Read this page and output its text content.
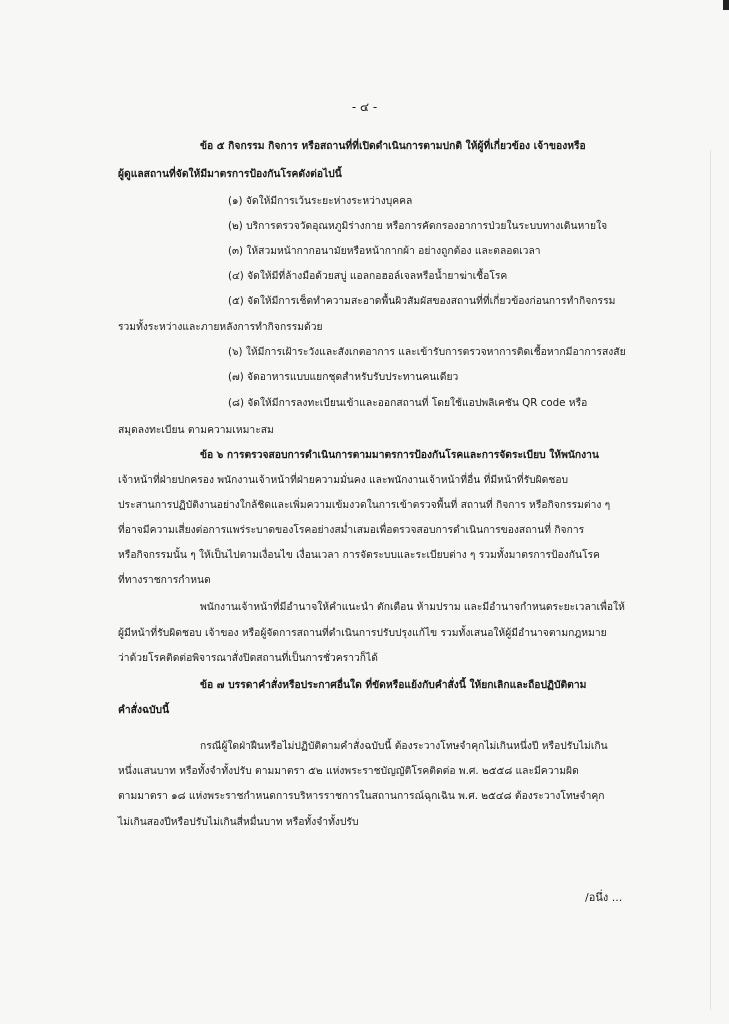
- ๔ -
ข้อ ๕ กิจกรรม กิจการ หรือสถานที่ที่เปิดดำเนินการตามปกติ ให้ผู้ที่เกี่ยวข้อง เจ้าของหรือ
ผู้ดูแลสถานที่จัดให้มีมาตรการป้องกันโรคดังต่อไปนี้
(๑) จัดให้มีการเว้นระยะห่างระหว่างบุคคล
(๒) บริการตรวจวัดอุณหภูมิร่างกาย หรือการคัดกรองอาการป่วยในระบบทางเดินหายใจ
(๓) ให้สวมหน้ากากอนามัยหรือหน้ากากผ้า อย่างถูกต้อง และตลอดเวลา
(๔) จัดให้มีที่ล้างมือด้วยสบู่ แอลกอฮอล์เจลหรือน้ำยาฆ่าเชื้อโรค
(๕) จัดให้มีการเช็ดทำความสะอาดพื้นผิวสัมผัสของสถานที่ที่เกี่ยวข้องก่อนการทำกิจกรรม
รวมทั้งระหว่างและภายหลังการทำกิจกรรมด้วย
(๖) ให้มีการเฝ้าระวังและสังเกตอาการ และเข้ารับการตรวจหาการติดเชื้อหากมีอาการสงสัย
(๗) จัดอาหารแบบแยกชุดสำหรับรับประทานคนเดียว
(๘) จัดให้มีการลงทะเบียนเข้าและออกสถานที่ โดยใช้แอปพลิเคชัน QR code หรือ
สมุดลงทะเบียน ตามความเหมาะสม
ข้อ ๖ การตรวจสอบการดำเนินการตามมาตรการป้องกันโรคและการจัดระเบียบ ให้พนักงาน
เจ้าหน้าที่ฝ่ายปกครอง พนักงานเจ้าหน้าที่ฝ่ายความมั่นคง และพนักงานเจ้าหน้าที่อื่น ที่มีหน้าที่รับผิดชอบ
ประสานการปฏิบัติงานอย่างใกล้ชิดและเพิ่มความเข้มงวดในการเข้าตรวจพื้นที่ สถานที่ กิจการ หรือกิจกรรมต่าง ๆ
ที่อาจมีความเสี่ยงต่อการแพร่ระบาดของโรคอย่างสม่ำเสมอเพื่อตรวจสอบการดำเนินการของสถานที่ กิจการ
หรือกิจกรรมนั้น ๆ ให้เป็นไปตามเงื่อนไข เงื่อนเวลา การจัดระบบและระเบียบต่าง ๆ รวมทั้งมาตรการป้องกันโรค
ที่ทางราชการกำหนด
พนักงานเจ้าหน้าที่มีอำนาจให้คำแนะนำ ตักเตือน ห้ามปราม และมีอำนาจกำหนดระยะเวลาเพื่อให้
ผู้มีหน้าที่รับผิดชอบ เจ้าของ หรือผู้จัดการสถานที่ดำเนินการปรับปรุงแก้ไข รวมทั้งเสนอให้ผู้มีอำนาจตามกฎหมาย
ว่าด้วยโรคติดต่อพิจารณาสั่งปิดสถานที่เป็นการชั่วคราวก็ได้
ข้อ ๗ บรรดาคำสั่งหรือประกาศอื่นใด ที่ขัดหรือแย้งกับคำสั่งนี้ ให้ยกเลิกและถือปฏิบัติตาม
คำสั่งฉบับนี้
กรณีผู้ใดฝ่าฝืนหรือไม่ปฏิบัติตามคำสั่งฉบับนี้ ต้องระวางโทษจำคุกไม่เกินหนึ่งปี หรือปรับไม่เกิน
หนึ่งแสนบาท หรือทั้งจำทั้งปรับ ตามมาตรา ๕๒ แห่งพระราชบัญญัติโรคติดต่อ พ.ศ. ๒๕๕๘ และมีความผิด
ตามมาตรา ๑๘ แห่งพระราชกำหนดการบริหารราชการในสถานการณ์ฉุกเฉิน พ.ศ. ๒๕๔๘ ต้องระวางโทษจำคุก
ไม่เกินสองปีหรือปรับไม่เกินสี่หมื่นบาท หรือทั้งจำทั้งปรับ
/อนึ่ง ...
